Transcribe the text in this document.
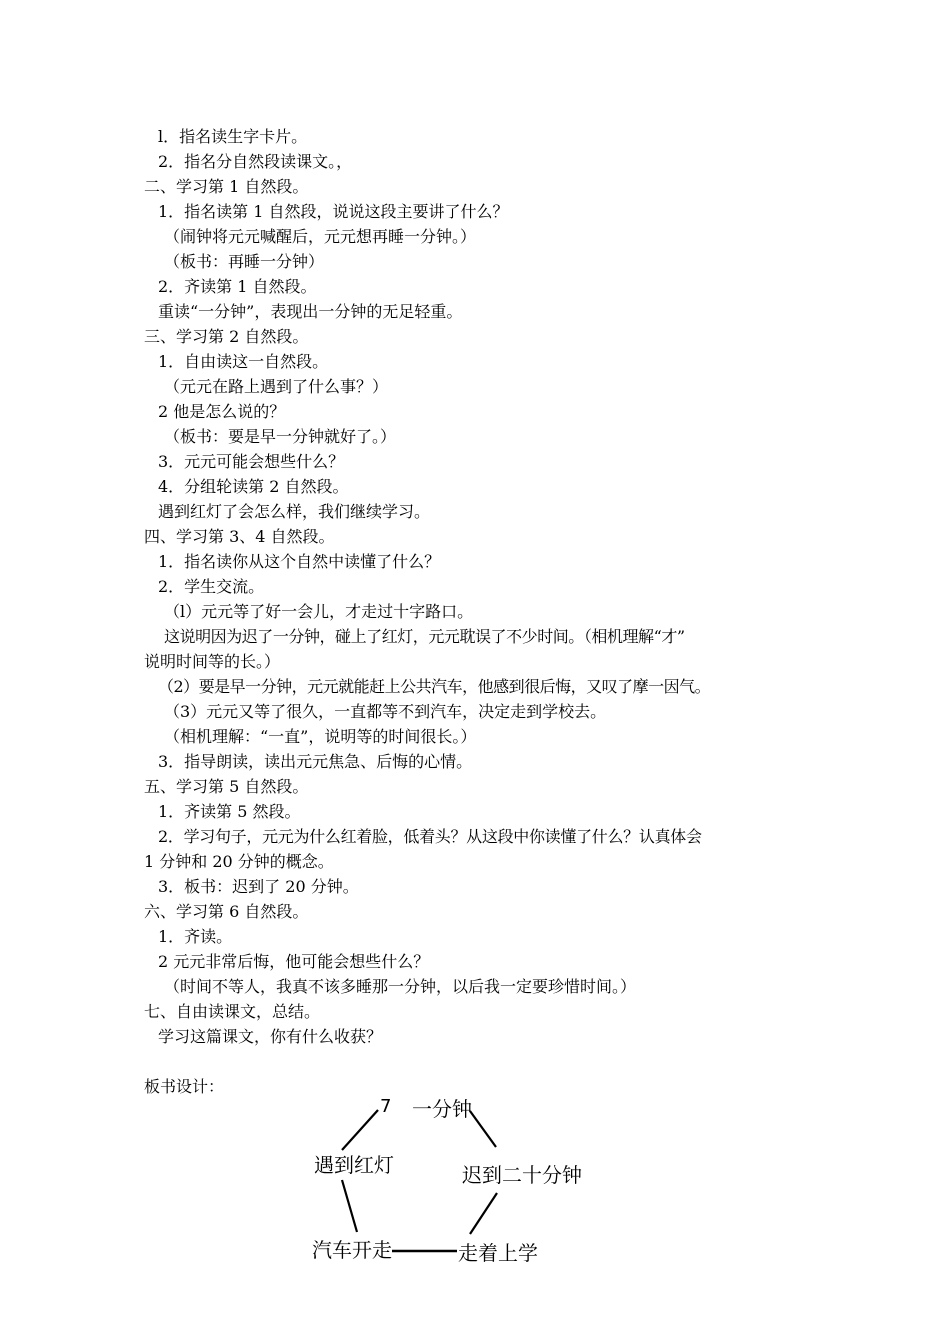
l．指名读生字卡片。
2．指名分自然段读课文。，
二、学习第 1 自然段。
1．指名读第 1 自然段，说说这段主要讲了什么？
（闹钟将元元喊醒后，元元想再睡一分钟。）
（板书：再睡一分钟）
2．齐读第 1 自然段。
重读“一分钟”，表现出一分钟的无足轻重。
三、学习第 2 自然段。
1．自由读这一自然段。
（元元在路上遇到了什么事？）
2 他是怎么说的？
（板书：要是早一分钟就好了。）
3．元元可能会想些什么？
4．分组轮读第 2 自然段。
遇到红灯了会怎么样，我们继续学习。
四、学习第 3、4 自然段。
1．指名读你从这个自然中读懂了什么？
2．学生交流。
（l）元元等了好一会儿，才走过十字路口。
这说明因为迟了一分钟，碰上了红灯，元元耽误了不少时间。（相机理解“才”
说明时间等的长。）
（2）要是早一分钟，元元就能赶上公共汽车，他感到很后悔，又叹了摩一因气。
（3）元元又等了很久，一直都等不到汽车，决定走到学校去。
（相机理解：“一直”，说明等的时间很长。）
3．指导朗读，读出元元焦急、后悔的心情。
五、学习第 5 自然段。
1．齐读第 5 然段。
2．学习句子，元元为什么红着脸，低着头？从这段中你读懂了什么？认真体会
1 分钟和 20 分钟的概念。
3．板书：迟到了 20 分钟。
六、学习第 6 自然段。
1．齐读。
2 元元非常后悔，他可能会想些什么？
（时间不等人，我真不该多睡那一分钟，以后我一定要珍惜时间。）
七、自由读课文，总结。
学习这篇课文，你有什么收获？
板书设计：
7 一分钟
遇到红灯	迟到二十分钟
汽车开走	走着上学
